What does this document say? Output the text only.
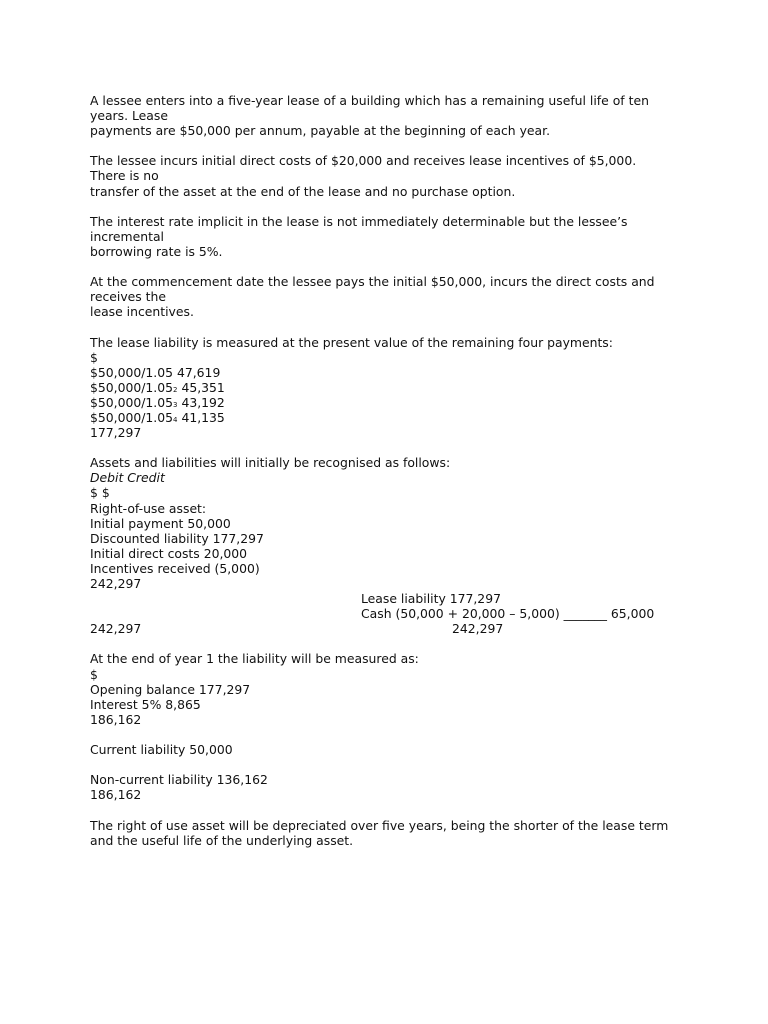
A lessee enters into a five-year lease of a building which has a remaining useful life of ten
years. Lease
payments are $50,000 per annum, payable at the beginning of each year.
The lessee incurs initial direct costs of $20,000 and receives lease incentives of $5,000.
There is no
transfer of the asset at the end of the lease and no purchase option.
The interest rate implicit in the lease is not immediately determinable but the lessee’s
incremental
borrowing rate is 5%.
At the commencement date the lessee pays the initial $50,000, incurs the direct costs and
receives the
lease incentives.
The lease liability is measured at the present value of the remaining four payments:
$
$50,000/1.05 47,619
$50,000/1.052 45,351
$50,000/1.053 43,192
$50,000/1.054 41,135
177,297
Assets and liabilities will initially be recognised as follows:
Debit Credit
$ $
Right-of-use asset:
Initial payment 50,000
Discounted liability 177,297
Initial direct costs 20,000
Incentives received (5,000)
242,297
Lease liability 177,297
Cash (50,000 + 20,000 – 5,000) _______ 65,000
242,297	242,297
At the end of year 1 the liability will be measured as:
$
Opening balance 177,297
Interest 5% 8,865
186,162
Current liability 50,000
Non-current liability 136,162
186,162
The right of use asset will be depreciated over five years, being the shorter of the lease term
and the useful life of the underlying asset.
